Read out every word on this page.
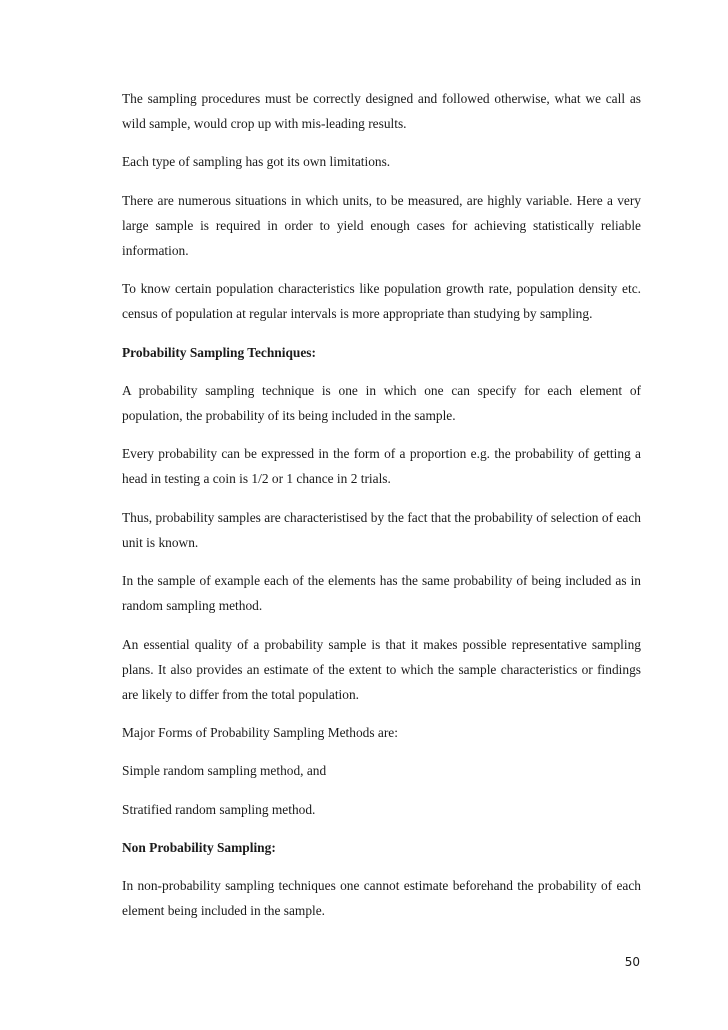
The sampling procedures must be correctly designed and followed otherwise, what we call as wild sample, would crop up with mis-leading results.

Each type of sampling has got its own limitations.

There are numerous situations in which units, to be measured, are highly variable. Here a very large sample is required in order to yield enough cases for achieving statistically reliable information.

To know certain population characteristics like population growth rate, population density etc. census of population at regular intervals is more appropriate than studying by sampling.

Probability Sampling Techniques:

A probability sampling technique is one in which one can specify for each element of population, the probability of its being included in the sample.

Every probability can be expressed in the form of a proportion e.g. the probability of getting a head in testing a coin is 1/2 or 1 chance in 2 trials.

Thus, probability samples are characteristised by the fact that the probability of selection of each unit is known.

In the sample of example each of the elements has the same probability of being included as in random sampling method.

An essential quality of a probability sample is that it makes possible representative sampling plans. It also provides an estimate of the extent to which the sample characteristics or findings are likely to differ from the total population.

Major Forms of Probability Sampling Methods are:

Simple random sampling method, and

Stratified random sampling method.

Non Probability Sampling:

In non-probability sampling techniques one cannot estimate beforehand the probability of each element being included in the sample.

50
